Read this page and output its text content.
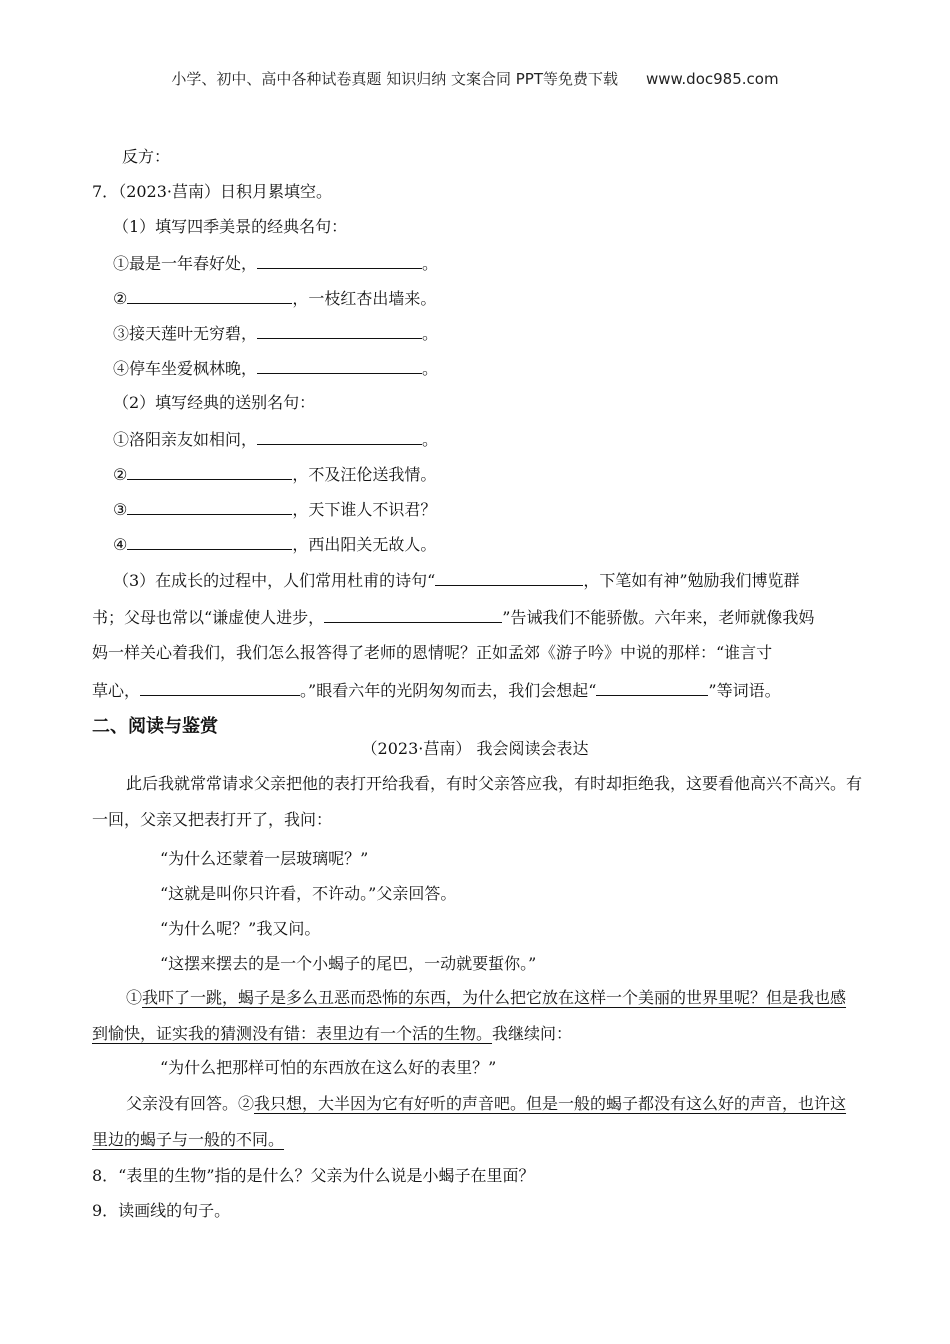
小学、初中、高中各种试卷真题 知识归纳 文案合同 PPT等免费下载 www.doc985.com
反方：
7．（2023·莒南）日积月累填空。
（1）填写四季美景的经典名句：
①最是一年春好处，	。
②	，一枝红杏出墙来。
③接天莲叶无穷碧，	。
④停车坐爱枫林晚，	。
（2）填写经典的送别名句：
①洛阳亲友如相问，	。
②	，不及汪伦送我情。
③	，天下谁人不识君？
④	，西出阳关无故人。
（3）在成长的过程中，人们常用杜甫的诗句“	，下笔如有神”勉励我们博览群
书；父母也常以“谦虚使人进步，	”告诫我们不能骄傲。六年来，老师就像我妈
妈一样关心着我们，我们怎么报答得了老师的恩情呢？正如孟郊《游子吟》中说的那样：“谁言寸
草心，	。”眼看六年的光阴匆匆而去，我们会想起“	”等词语。
二、阅读与鉴赏
（2023·莒南） 我会阅读会表达
此后我就常常请求父亲把他的表打开给我看，有时父亲答应我，有时却拒绝我，这要看他高兴不高兴。有一回，父亲又把表打开了，我问：
“为什么还蒙着一层玻璃呢？”
“这就是叫你只许看，不许动。”父亲回答。
“为什么呢？”我又问。
“这摆来摆去的是一个小蝎子的尾巴，一动就要蜇你。”
①我吓了一跳，蝎子是多么丑恶而恐怖的东西，为什么把它放在这样一个美丽的世界里呢？但是我也感到愉快，证实我的猜测没有错：表里边有一个活的生物。我继续问：
“为什么把那样可怕的东西放在这么好的表里？”
父亲没有回答。②我只想，大半因为它有好听的声音吧。但是一般的蝎子都没有这么好的声音，也许这里边的蝎子与一般的不同。
8．“表里的生物”指的是什么？父亲为什么说是小蝎子在里面？
9．读画线的句子。
